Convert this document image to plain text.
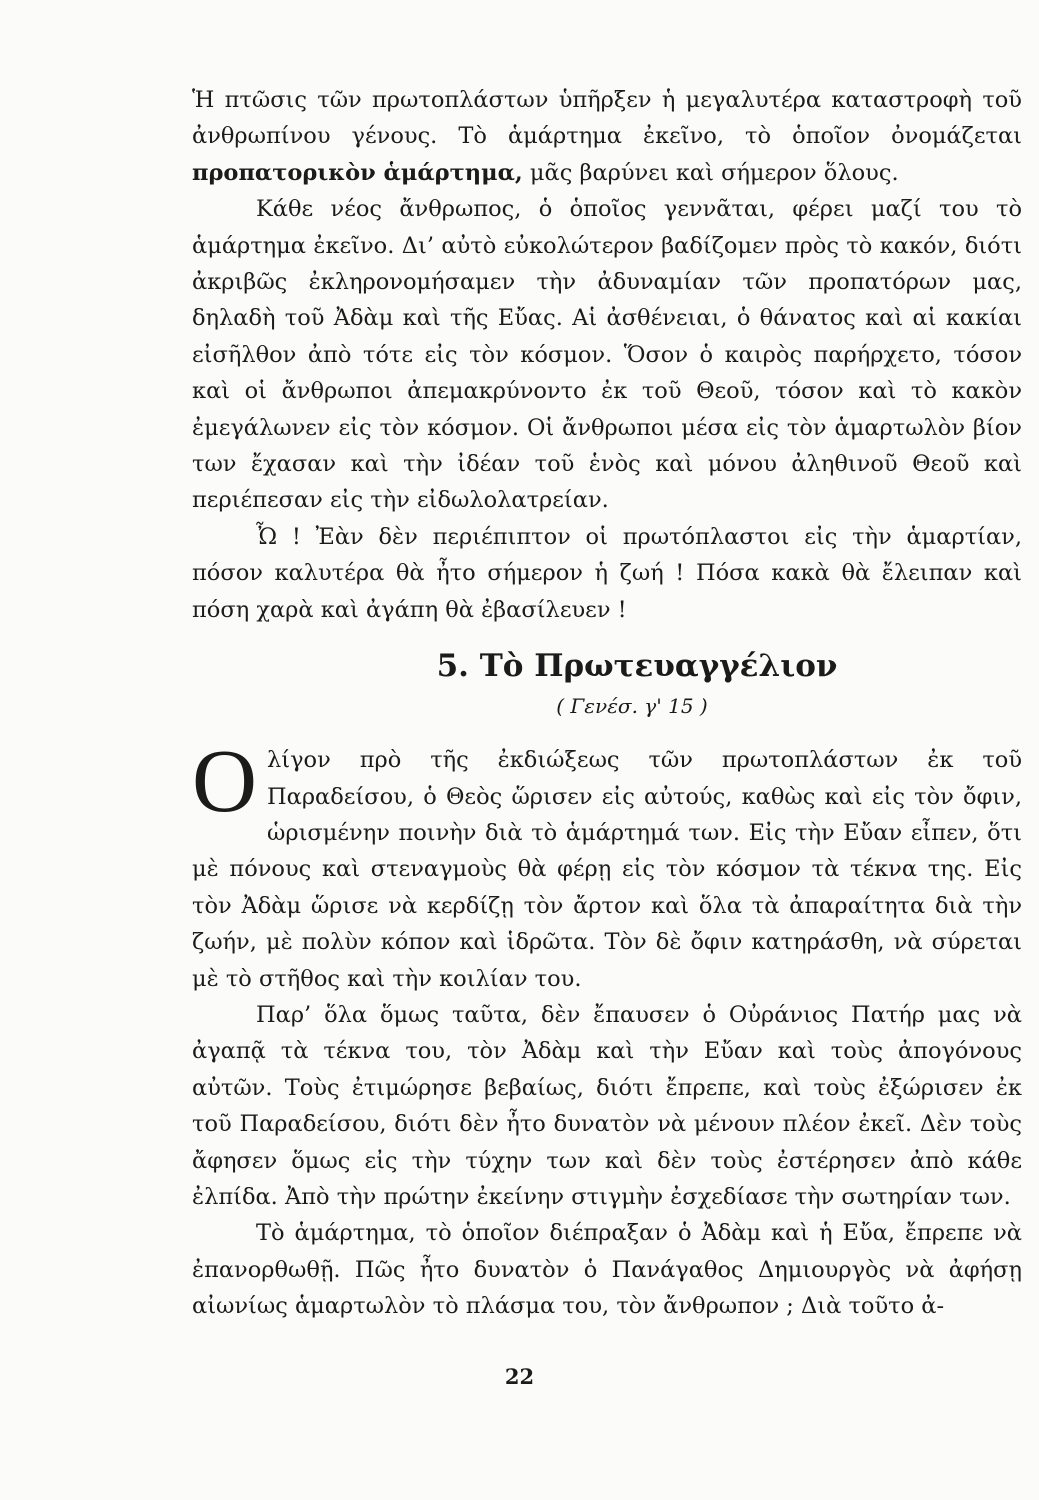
Ἡ πτῶσις τῶν πρωτοπλάστων ὑπῆρξεν ἡ μεγαλυτέρα καταστροφὴ τοῦ ἀνθρωπίνου γένους. Τὸ ἁμάρτημα ἐκεῖνο, τὸ ὁποῖον ὀνομάζεται προπατορικὸν ἁμάρτημα, μᾶς βαρύνει καὶ σήμερον ὅλους.

Κάθε νέος ἄνθρωπος, ὁ ὁποῖος γεννᾶται, φέρει μαζί του τὸ ἁμάρτημα ἐκεῖνο. Δι’ αὐτὸ εὐκολώτερον βαδίζομεν πρὸς τὸ κακόν, διότι ἀκριβῶς ἐκληρονομήσαμεν τὴν ἀδυναμίαν τῶν προπατόρων μας, δηλαδὴ τοῦ Ἀδὰμ καὶ τῆς Εὔας. Αἱ ἀσθένειαι, ὁ θάνατος καὶ αἱ κακίαι εἰσῆλθον ἀπὸ τότε εἰς τὸν κόσμον. Ὅσον ὁ καιρὸς παρήρχετο, τόσον καὶ οἱ ἄνθρωποι ἀπεμακρύνοντο ἐκ τοῦ Θεοῦ, τόσον καὶ τὸ κακὸν ἐμεγάλωνεν εἰς τὸν κόσμον. Οἱ ἄνθρωποι μέσα εἰς τὸν ἁμαρτωλὸν βίον των ἔχασαν καὶ τὴν ἰδέαν τοῦ ἑνὸς καὶ μόνου ἀληθινοῦ Θεοῦ καὶ περιέπεσαν εἰς τὴν εἰδωλολατρείαν.

Ὦ ! Ἐὰν δὲν περιέπιπτον οἱ πρωτόπλαστοι εἰς τὴν ἁμαρτίαν, πόσον καλυτέρα θὰ ἦτο σήμερον ἡ ζωή ! Πόσα κακὰ θὰ ἔλειπαν καὶ πόση χαρὰ καὶ ἀγάπη θὰ ἐβασίλευεν !

5. Τὸ Πρωτευαγγέλιον
( Γενέσ. γ' 15 )

Ολίγον πρὸ τῆς ἐκδιώξεως τῶν πρωτοπλάστων ἐκ τοῦ Παραδείσου, ὁ Θεὸς ὥρισεν εἰς αὐτούς, καθὼς καὶ εἰς τὸν ὄφιν, ὡρισμένην ποινὴν διὰ τὸ ἁμάρτημά των. Εἰς τὴν Εὔαν εἶπεν, ὅτι μὲ πόνους καὶ στεναγμοὺς θὰ φέρῃ εἰς τὸν κόσμον τὰ τέκνα της. Εἰς τὸν Ἀδὰμ ὥρισε νὰ κερδίζῃ τὸν ἄρτον καὶ ὅλα τὰ ἀπαραίτητα διὰ τὴν ζωήν, μὲ πολὺν κόπον καὶ ἱδρῶτα. Τὸν δὲ ὄφιν κατηράσθη, νὰ σύρεται μὲ τὸ στῆθος καὶ τὴν κοιλίαν του.

Παρ’ ὅλα ὅμως ταῦτα, δὲν ἔπαυσεν ὁ Οὐράνιος Πατήρ μας νὰ ἀγαπᾷ τὰ τέκνα του, τὸν Ἀδὰμ καὶ τὴν Εὔαν καὶ τοὺς ἀπογόνους αὐτῶν. Τοὺς ἐτιμώρησε βεβαίως, διότι ἔπρεπε, καὶ τοὺς ἐξώρισεν ἐκ τοῦ Παραδείσου, διότι δὲν ἦτο δυνατὸν νὰ μένουν πλέον ἐκεῖ. Δὲν τοὺς ἄφησεν ὅμως εἰς τὴν τύχην των καὶ δὲν τοὺς ἐστέρησεν ἀπὸ κάθε ἐλπίδα. Ἀπὸ τὴν πρώτην ἐκείνην στιγμὴν ἐσχεδίασε τὴν σωτηρίαν των.

Τὸ ἁμάρτημα, τὸ ὁποῖον διέπραξαν ὁ Ἀδὰμ καὶ ἡ Εὔα, ἔπρεπε νὰ ἐπανορθωθῇ. Πῶς ἦτο δυνατὸν ὁ Πανάγαθος Δημιουργὸς νὰ ἀφήσῃ αἰωνίως ἁμαρτωλὸν τὸ πλάσμα του, τὸν ἄνθρωπον ; Διὰ τοῦτο ἀ-

22
